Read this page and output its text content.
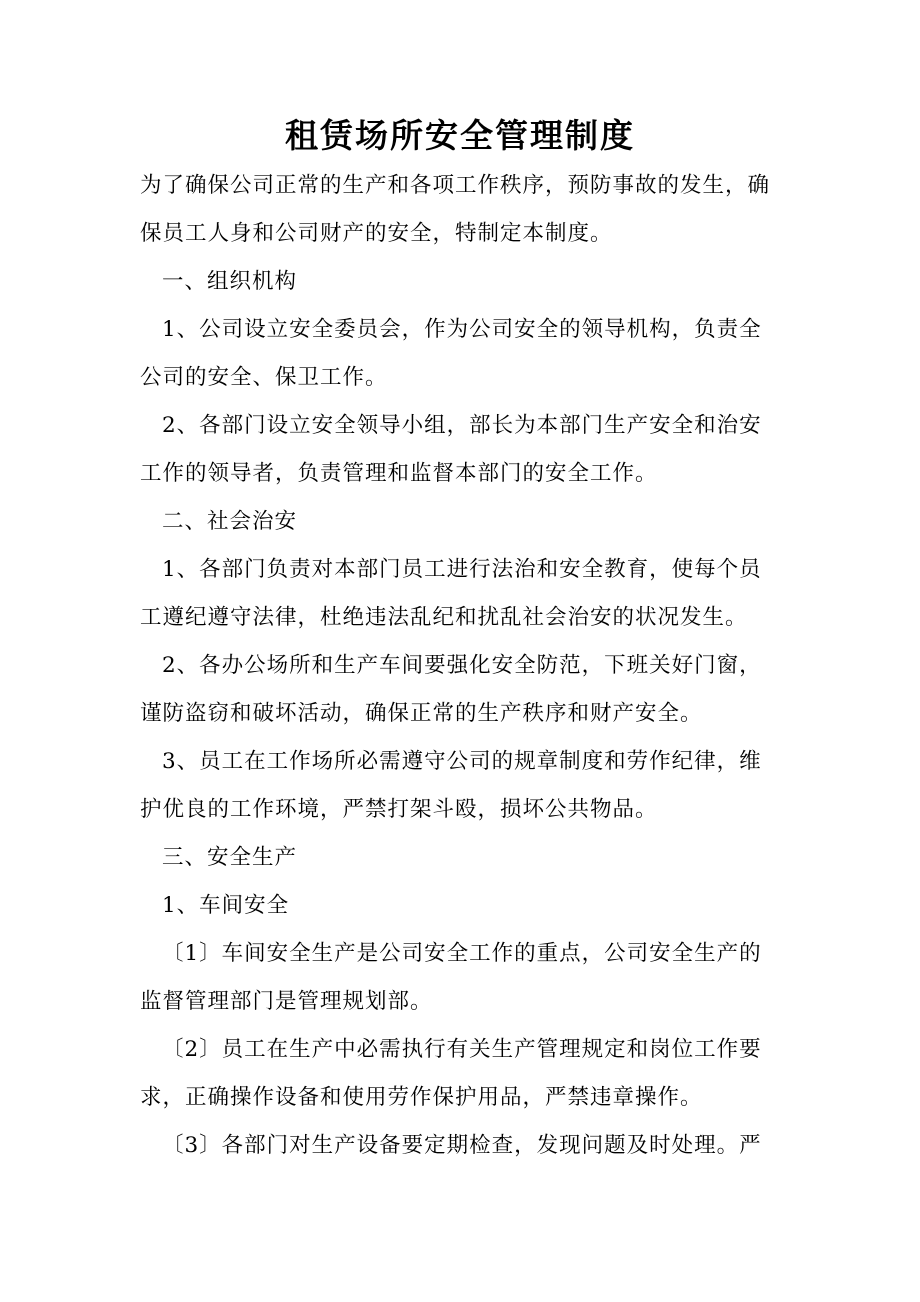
租赁场所安全管理制度
为了确保公司正常的生产和各项工作秩序，预防事故的发生，确
保员工人身和公司财产的安全，特制定本制度。
一、组织机构
1、公司设立安全委员会，作为公司安全的领导机构，负责全
公司的安全、保卫工作。
2、各部门设立安全领导小组，部长为本部门生产安全和治安
工作的领导者，负责管理和监督本部门的安全工作。
二、社会治安
1、各部门负责对本部门员工进行法治和安全教育，使每个员
工遵纪遵守法律，杜绝违法乱纪和扰乱社会治安的状况发生。
2、各办公场所和生产车间要强化安全防范，下班关好门窗，
谨防盗窃和破坏活动，确保正常的生产秩序和财产安全。
3、员工在工作场所必需遵守公司的规章制度和劳作纪律，维
护优良的工作环境，严禁打架斗殴，损坏公共物品。
三、安全生产
1、车间安全
〔1〕车间安全生产是公司安全工作的重点，公司安全生产的
监督管理部门是管理规划部。
〔2〕员工在生产中必需执行有关生产管理规定和岗位工作要
求，正确操作设备和使用劳作保护用品，严禁违章操作。
〔3〕各部门对生产设备要定期检查，发现问题及时处理。严
